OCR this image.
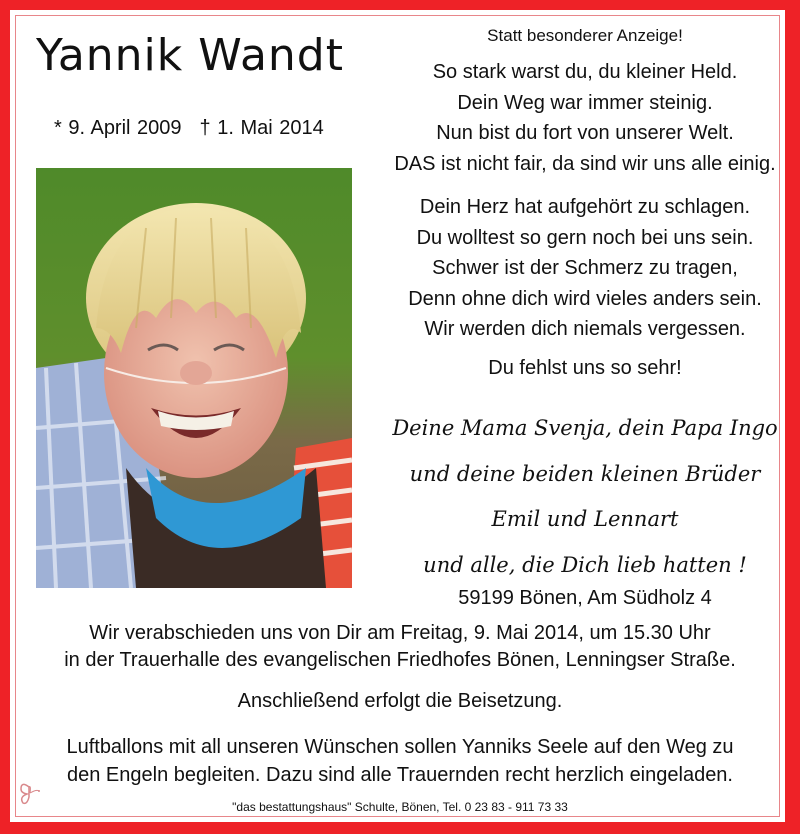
Yannik Wandt
* 9. April 2009 † 1. Mai 2014
Statt besonderer Anzeige!
So stark warst du, du kleiner Held.
Dein Weg war immer steinig.
Nun bist du fort von unserer Welt.
DAS ist nicht fair, da sind wir uns alle einig.
Dein Herz hat aufgehört zu schlagen.
Du wolltest so gern noch bei uns sein.
Schwer ist der Schmerz zu tragen,
Denn ohne dich wird vieles anders sein.
Wir werden dich niemals vergessen.
Du fehlst uns so sehr!
Deine Mama Svenja, dein Papa Ingo
und deine beiden kleinen Brüder
Emil und Lennart
und alle, die Dich lieb hatten !
59199 Bönen, Am Südholz 4
Wir verabschieden uns von Dir am Freitag, 9. Mai 2014, um 15.30 Uhr
in der Trauerhalle des evangelischen Friedhofes Bönen, Lenningser Straße.
Anschließend erfolgt die Beisetzung.
Luftballons mit all unseren Wünschen sollen Yanniks Seele auf den Weg zu
den Engeln begleiten. Dazu sind alle Trauernden recht herzlich eingeladen.
"das bestattungshaus" Schulte, Bönen, Tel. 0 23 83 - 911 73 33
